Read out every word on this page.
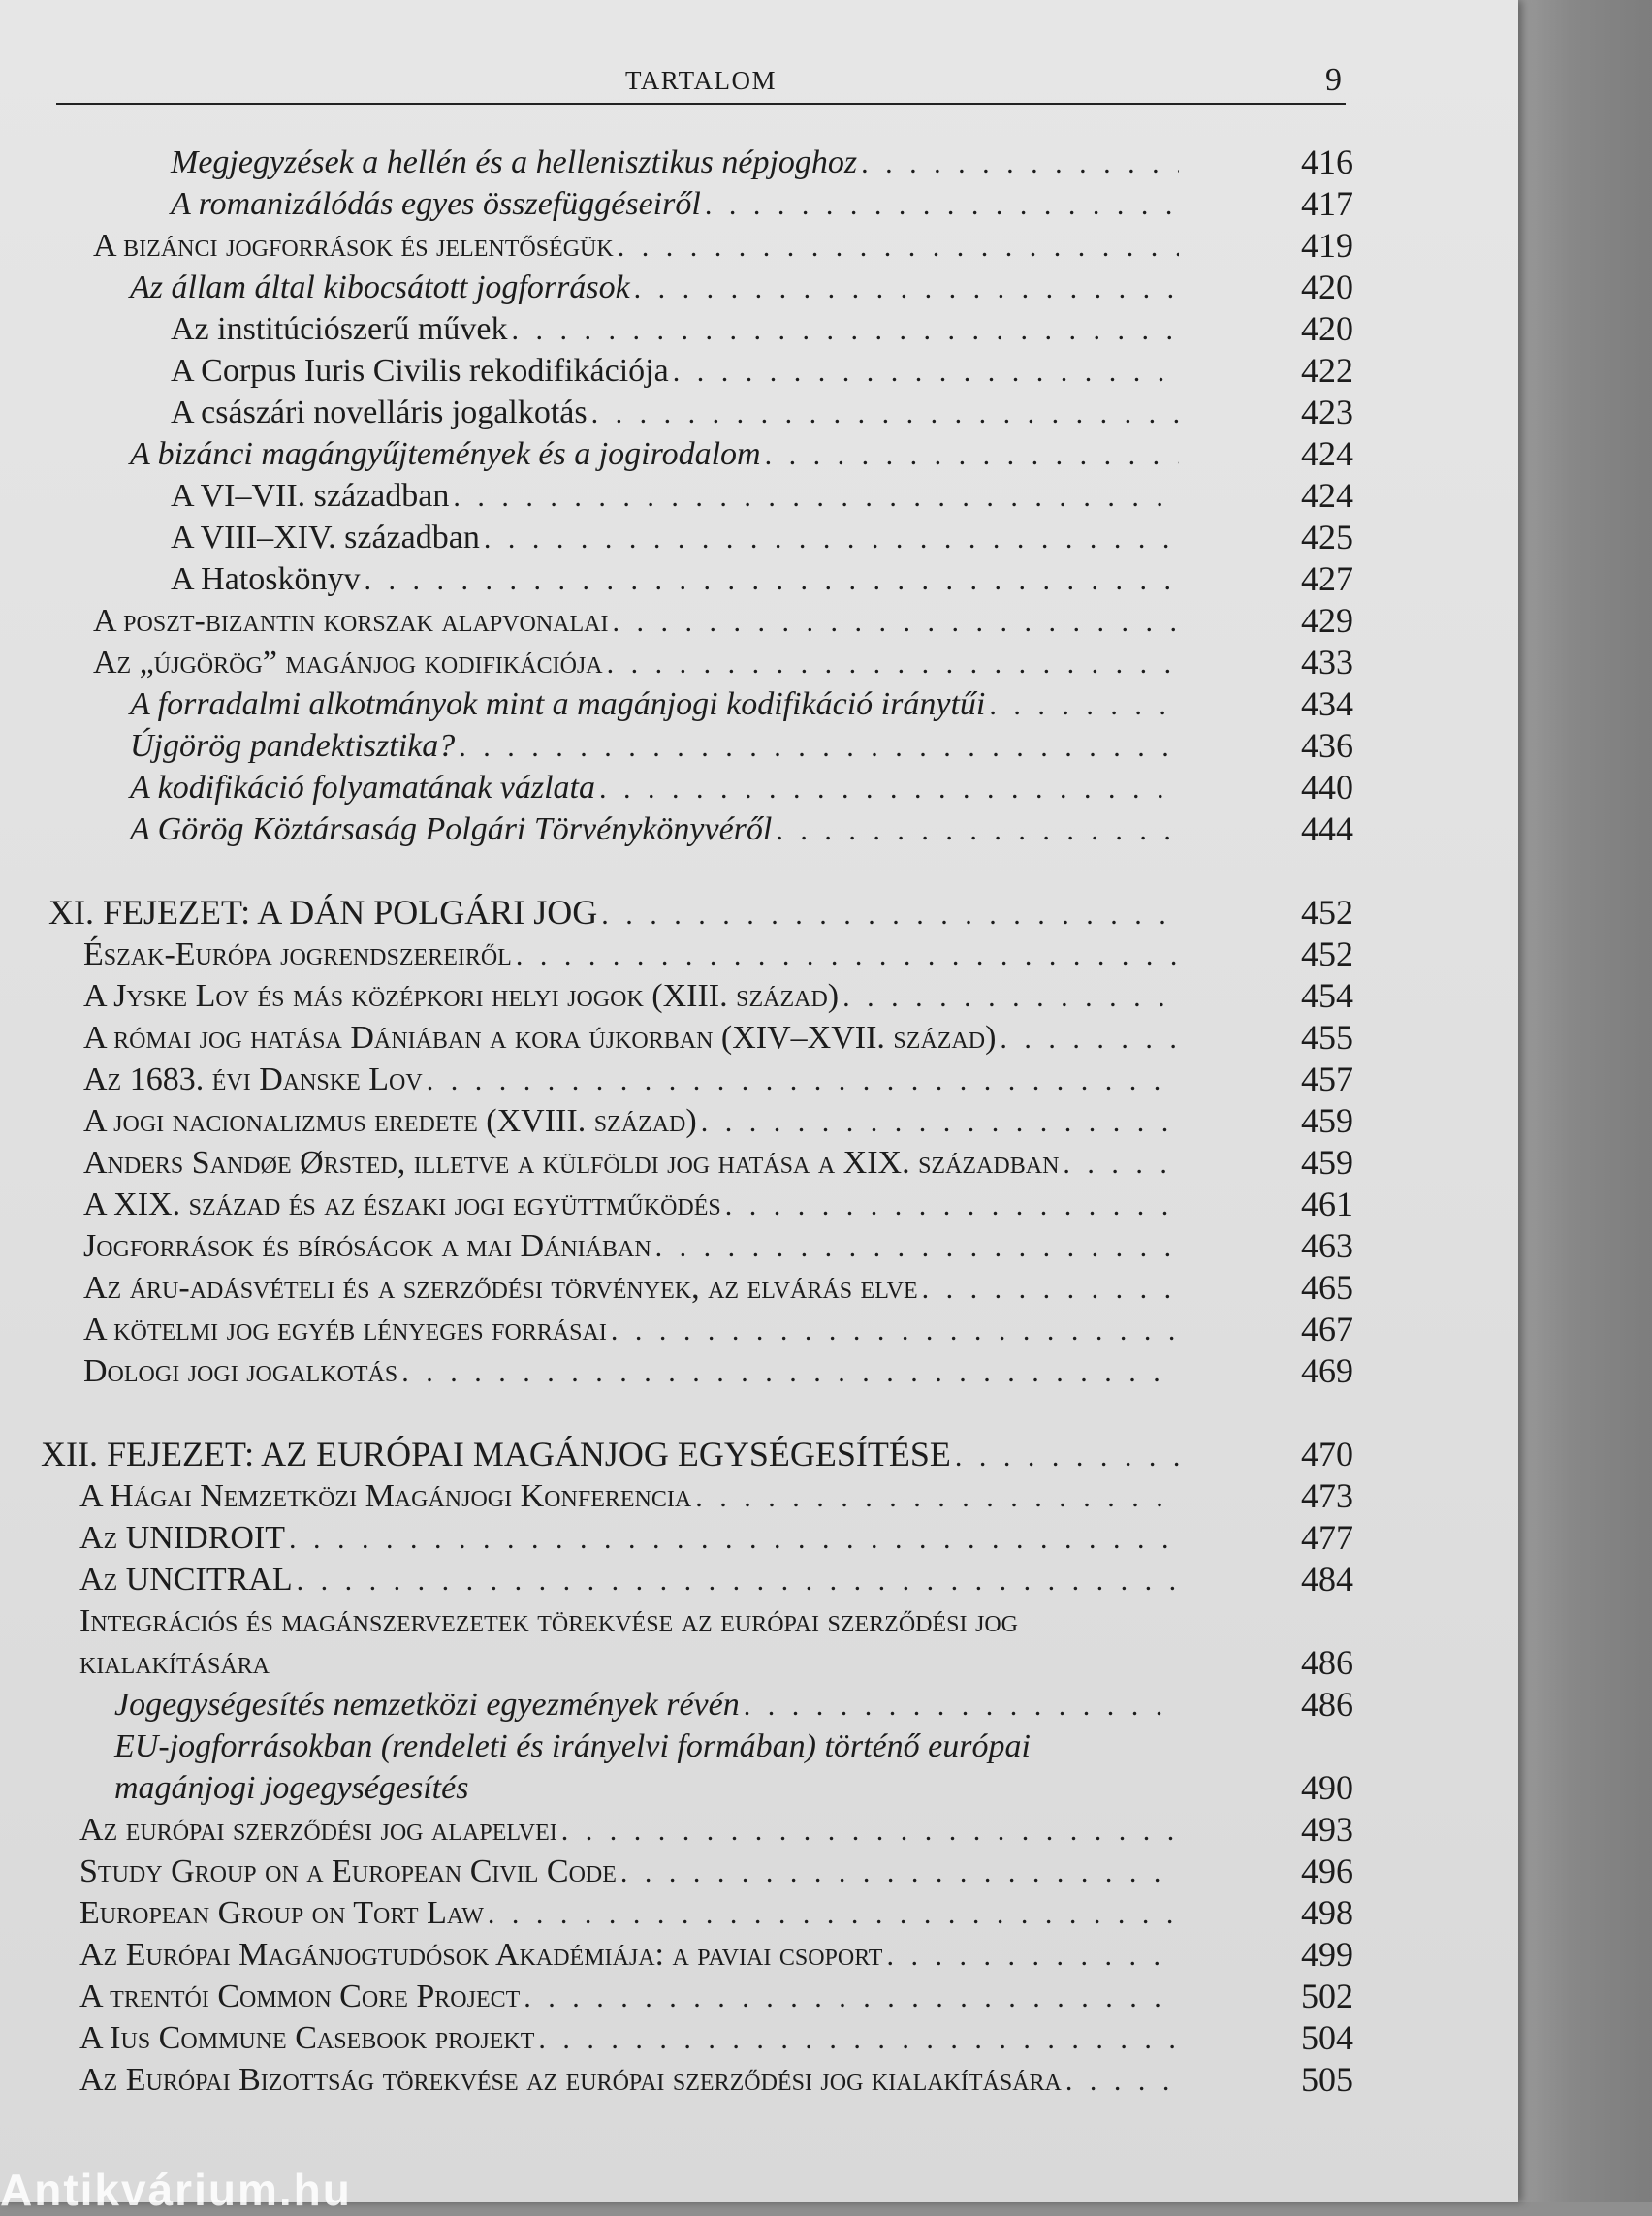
TARTALOM	9
Megjegyzések a hellén és a hellenisztikus népjoghoz . . .	416
A romanizálódás egyes összefüggéseiről . . .	417
A bizánci jogforrások és jelentőségük . . .	419
Az állam által kibocsátott jogforrások . . .	420
Az institúciószerű művek . . .	420
A Corpus Iuris Civilis rekodifikációja . . .	422
A császári novelláris jogalkotás . . .	423
A bizánci magángyűjtemények és a jogirodalom . . .	424
A VI–VII. században . . .	424
A VIII–XIV. században . . .	425
A Hatoskönyv . . .	427
A poszt-bizantin korszak alapvonalai . . .	429
Az „újgörög” magánjog kodifikációja . . .	433
A forradalmi alkotmányok mint a magánjogi kodifikáció iránytűi . . .	434
Újgörög pandektisztika? . . .	436
A kodifikáció folyamatának vázlata . . .	440
A Görög Köztársaság Polgári Törvénykönyvéről . . .	444
XI. FEJEZET: A DÁN POLGÁRI JOG . . .	452
Észak-Európa jogrendszereiről . . .	452
A Jyske Lov és más középkori helyi jogok (XIII. század) . . .	454
A római jog hatása Dániában a kora újkorban (XIV–XVII. század) . . .	455
Az 1683. évi Danske Lov . . .	457
A jogi nacionalizmus eredete (XVIII. század) . . .	459
Anders Sandøe Ørsted, illetve a külföldi jog hatása a XIX. században . . .	459
A XIX. század és az északi jogi együttműködés . . .	461
Jogforrások és bíróságok a mai Dániában . . .	463
Az áru-adásvételi és a szerződési törvények, az elvárás elve . . .	465
A kötelmi jog egyéb lényeges forrásai . . .	467
Dologi jogi jogalkotás . . .	469
XII. FEJEZET: AZ EURÓPAI MAGÁNJOG EGYSÉGESÍTÉSE . . .	470
A Hágai Nemzetközi Magánjogi Konferencia . . .	473
Az UNIDROIT . . .	477
Az UNCITRAL . . .	484
Integrációs és magánszervezetek törekvése az európai szerződési jog kialakítására	486
Jogegységesítés nemzetközi egyezmények révén . . .	486
EU-jogforrásokban (rendeleti és irányelvi formában) történő európai magánjogi jogegységesítés	490
Az európai szerződési jog alapelvei . . .	493
Study Group on a European Civil Code . . .	496
European Group on Tort Law . . .	498
Az Európai Magánjogtudósok Akadémiája: a paviai csoport . . .	499
A trentói Common Core Project . . .	502
A Ius Commune Casebook projekt . . .	504
Az Európai Bizottság törekvése az európai szerződési jog kialakítására . . .	505
Antikvárium.hu
